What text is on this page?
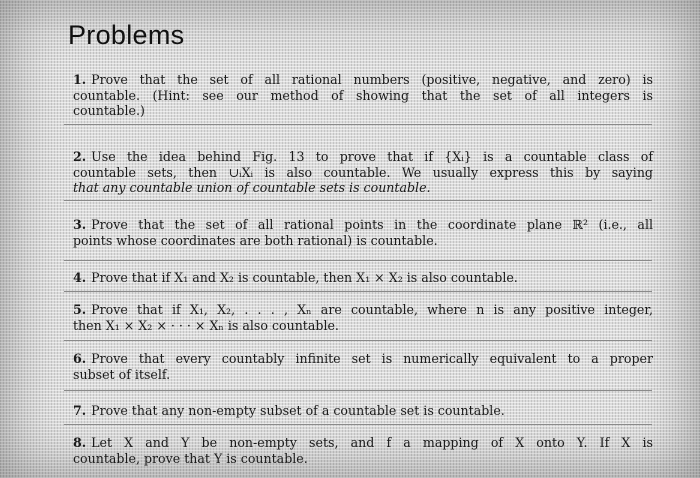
Problems
1. Prove that the set of all rational numbers (positive, negative, and zero) is
countable. (Hint: see our method of showing that the set of all integers is
countable.)
2. Use the idea behind Fig. 13 to prove that if {Xᵢ} is a countable class of
countable sets, then ∪ᵢXᵢ is also countable. We usually express this by saying
that any countable union of countable sets is countable.
3. Prove that the set of all rational points in the coordinate plane ℝ² (i.e., all
points whose coordinates are both rational) is countable.
4. Prove that if X₁ and X₂ is countable, then X₁ × X₂ is also countable.
5. Prove that if X₁, X₂, . . . , Xₙ are countable, where n is any positive integer,
then X₁ × X₂ × · · · × Xₙ is also countable.
6. Prove that every countably infinite set is numerically equivalent to a proper
subset of itself.
7. Prove that any non-empty subset of a countable set is countable.
8. Let X and Y be non-empty sets, and f a mapping of X onto Y. If X is
countable, prove that Y is countable.
